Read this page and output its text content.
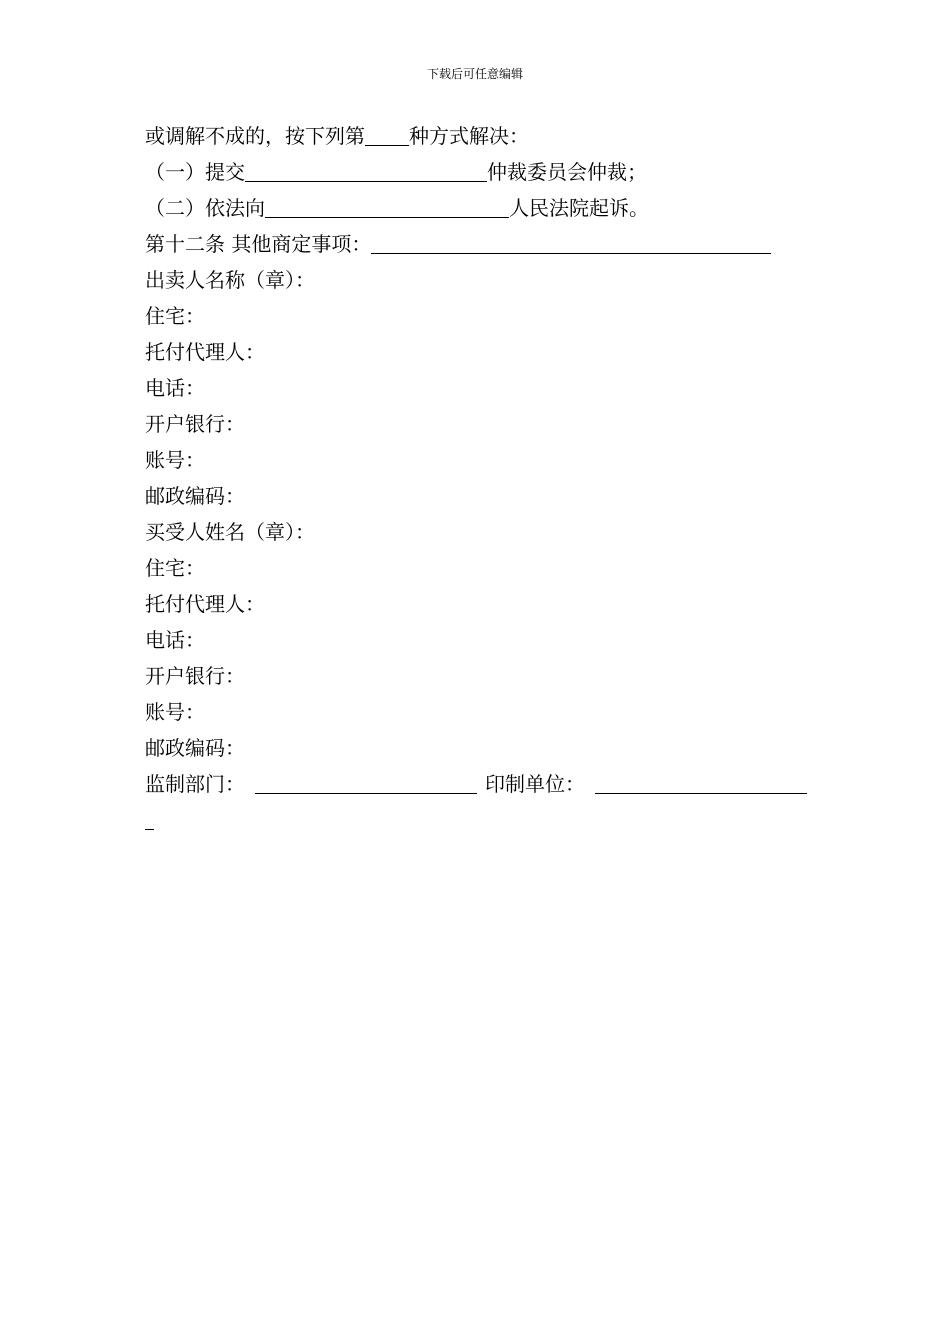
下载后可任意编辑
或调解不成的，按下列第 种方式解决：
（一）提交	仲裁委员会仲裁；
（二）依法向	人民法院起诉。
第十二条 其他商定事项：
出卖人名称（章）：
住宅：
托付代理人：
电话：
开户银行：
账号：
邮政编码：
买受人姓名（章）：
住宅：
托付代理人：
电话：
开户银行：
账号：
邮政编码：
监制部门：	印制单位：
